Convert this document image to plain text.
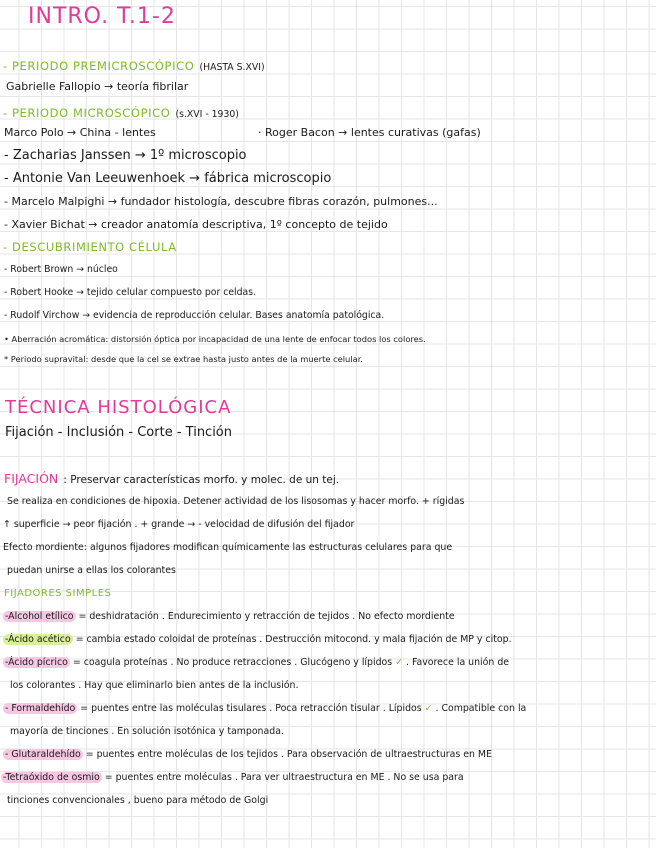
INTRO. T.1-2
- PERIODO PREMICROSCÓPICO (HASTA S.XVI)
Gabrielle Fallopio → teoría fibrilar
- PERIODO MICROSCÓPICO (s.XVI - 1930)
Marco Polo → China - lentes	· Roger Bacon → lentes curativas (gafas)
- Zacharias Janssen → 1º microscopio
- Antonie Van Leeuwenhoek → fábrica microscopio
- Marcelo Malpighi → fundador histología, descubre fibras corazón, pulmones...
- Xavier Bichat → creador anatomía descriptiva, 1º concepto de tejido
- DESCUBRIMIENTO CÉLULA
- Robert Brown → núcleo
- Robert Hooke → tejido celular compuesto por celdas.
- Rudolf Virchow → evidencia de reproducción celular. Bases anatomía patológica.
• Aberración acromática: distorsión óptica por incapacidad de una lente de enfocar todos los colores.
* Periodo supravital: desde que la cel se extrae hasta justo antes de la muerte celular.
TÉCNICA HISTOLÓGICA
Fijación - Inclusión - Corte - Tinción
FIJACIÓN : Preservar características morfo. y molec. de un tej.
Se realiza en condiciones de hipoxia. Detener actividad de los lisosomas y hacer morfo. + rígidas
↑ superficie → peor fijación . + grande → - velocidad de difusión del fijador
Efecto mordiente: algunos fijadores modifican químicamente las estructuras celulares para que
puedan unirse a ellas los colorantes
FIJADORES SIMPLES
-Alcohol etílico = deshidratación . Endurecimiento y retracción de tejidos . No efecto mordiente
-Ácido acético = cambia estado coloidal de proteínas . Destrucción mitocond. y mala fijación de MP y citop.
-Ácido pícrico = coagula proteínas . No produce retracciones . Glucógeno y lípidos ✓ . Favorece la unión de
los colorantes . Hay que eliminarlo bien antes de la inclusión.
- Formaldehído = puentes entre las moléculas tisulares . Poca retracción tisular . Lípidos ✓ . Compatible con la
mayoría de tinciones . En solución isotónica y tamponada.
- Glutaraldehído = puentes entre moléculas de los tejidos . Para observación de ultraestructuras en ME
-Tetraóxido de osmio = puentes entre moléculas . Para ver ultraestructura en ME . No se usa para
tinciones convencionales , bueno para método de Golgi
